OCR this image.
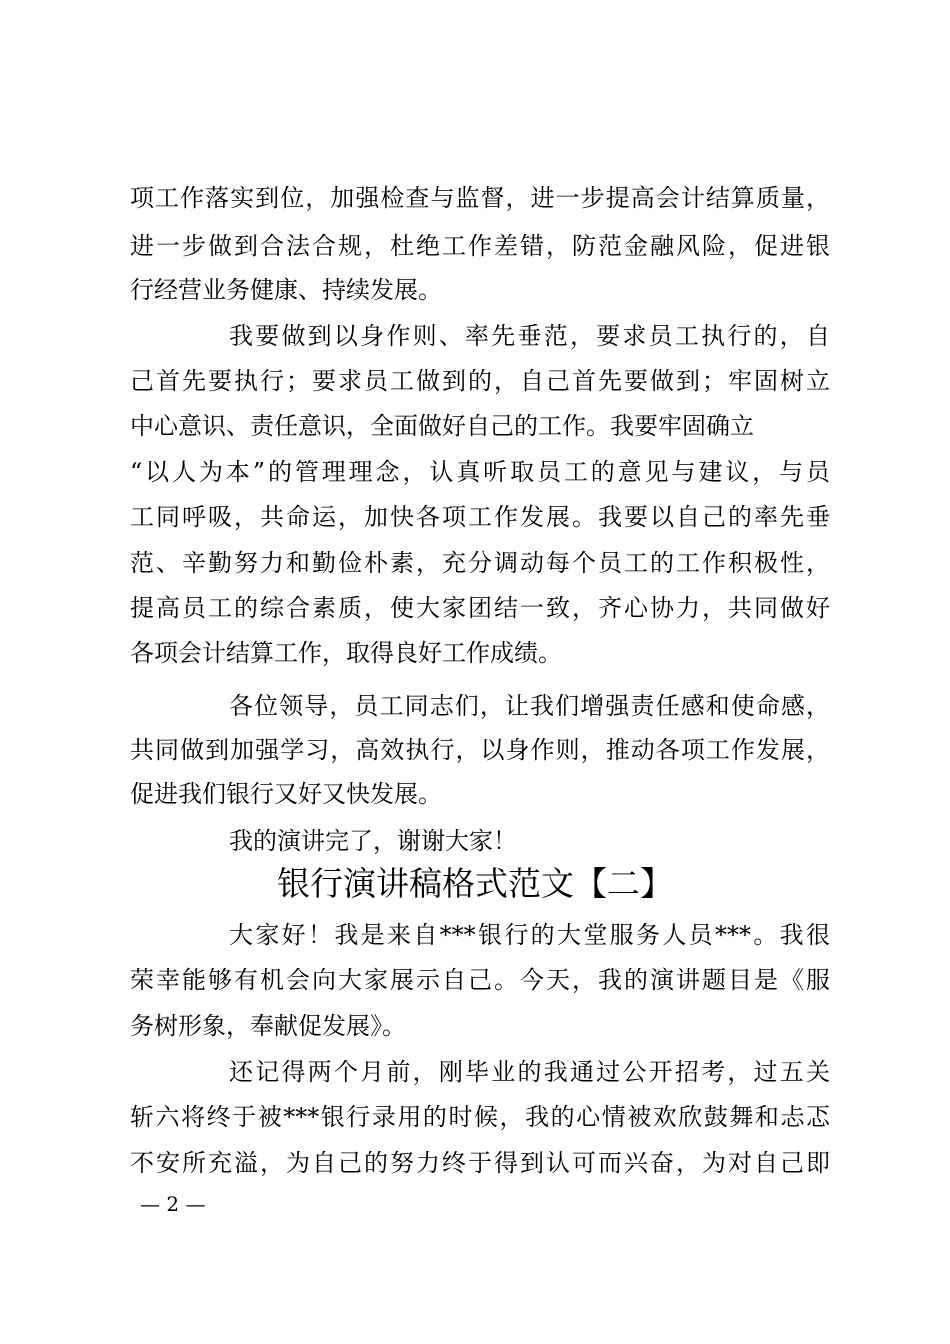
项工作落实到位，加强检查与监督，进一步提高会计结算质量，
进一步做到合法合规，杜绝工作差错，防范金融风险，促进银
行经营业务健康、持续发展。
我要做到以身作则、率先垂范，要求员工执行的，自
己首先要执行；要求员工做到的，自己首先要做到；牢固树立
中心意识、责任意识，全面做好自己的工作。我要牢固确立
“以人为本”的管理理念，认真听取员工的意见与建议，与员
工同呼吸，共命运，加快各项工作发展。我要以自己的率先垂
范、辛勤努力和勤俭朴素，充分调动每个员工的工作积极性，
提高员工的综合素质，使大家团结一致，齐心协力，共同做好
各项会计结算工作，取得良好工作成绩。
各位领导，员工同志们，让我们增强责任感和使命感，
共同做到加强学习，高效执行，以身作则，推动各项工作发展，
促进我们银行又好又快发展。
我的演讲完了，谢谢大家！
银行演讲稿格式范文【二】
大家好！我是来自***银行的大堂服务人员***。我很
荣幸能够有机会向大家展示自己。今天，我的演讲题目是《服
务树形象，奉献促发展》。
还记得两个月前，刚毕业的我通过公开招考，过五关
斩六将终于被***银行录用的时候，我的心情被欢欣鼓舞和忐忑
不安所充溢，为自己的努力终于得到认可而兴奋，为对自己即
— 2 —
